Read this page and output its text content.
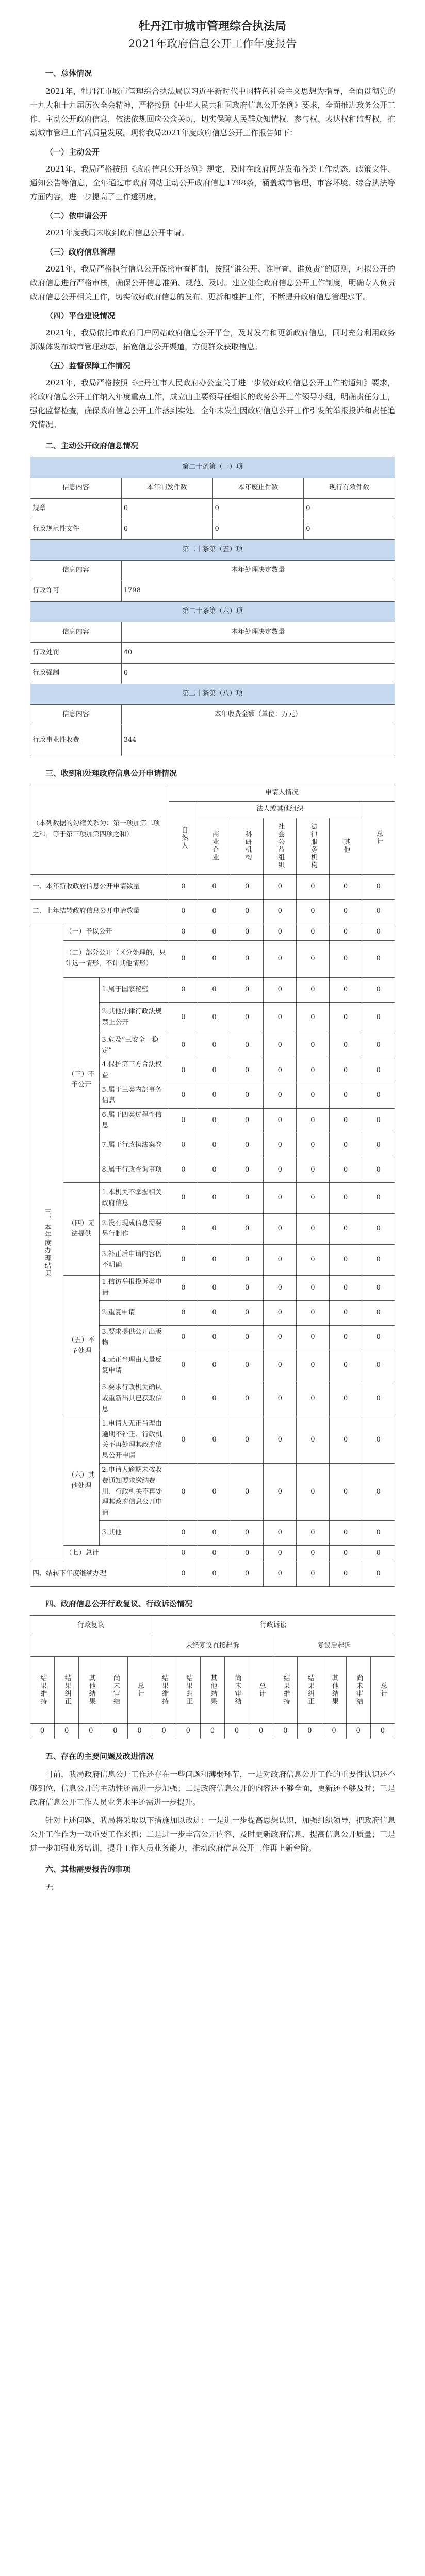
牡丹江市城市管理综合执法局
2021年政府信息公开工作年度报告
一、总体情况
2021年，牡丹江市城市管理综合执法局以习近平新时代中国特色社会主义思想为指导，全面贯彻党的十九大和十九届历次全会精神，严格按照《中华人民共和国政府信息公开条例》要求，全面推进政务公开工作，主动公开政府信息，依法依规回应公众关切，切实保障人民群众知情权、参与权、表达权和监督权，推动城市管理工作高质量发展。现将我局2021年度政府信息公开工作报告如下：
（一）主动公开
2021年，我局严格按照《政府信息公开条例》规定，及时在政府网站发布各类工作动态、政策文件、通知公告等信息，全年通过市政府网站主动公开政府信息1798条，涵盖城市管理、市容环境、综合执法等方面内容，进一步提高了工作透明度。
（二）依申请公开
2021年度我局未收到政府信息公开申请。
（三）政府信息管理
2021年，我局严格执行信息公开保密审查机制，按照“谁公开、谁审查、谁负责”的原则，对拟公开的政府信息进行严格审核，确保公开信息准确、规范、及时。建立健全政府信息公开工作制度，明确专人负责政府信息公开相关工作，切实做好政府信息的发布、更新和维护工作，不断提升政府信息管理水平。
（四）平台建设情况
2021年，我局依托市政府门户网站政府信息公开平台，及时发布和更新政府信息，同时充分利用政务新媒体发布城市管理动态，拓宽信息公开渠道，方便群众获取信息。
（五）监督保障工作情况
2021年，我局严格按照《牡丹江市人民政府办公室关于进一步做好政府信息公开工作的通知》要求，将政府信息公开工作纳入年度重点工作，成立由主要领导任组长的政务公开工作领导小组，明确责任分工，强化监督检查，确保政府信息公开工作落到实处。全年未发生因政府信息公开工作引发的举报投诉和责任追究情况。
二、主动公开政府信息情况
第二十条第（一）项			
信息内容	本年制发件数	本年废止件数	现行有效件数
规章	0	0	0
行政规范性文件	0	0	0
第二十条第（五）项			
信息内容	本年处理决定数量		
行政许可	1798		
第二十条第（六）项			
信息内容	本年处理决定数量		
行政处罚	40		
行政强制	0		
第二十条第（八）项			
信息内容	本年收费金额（单位：万元）		
行政事业性收费	344		
三、收到和处理政府信息公开申请情况
（本列数据的勾稽关系为：第一项加第二项之和，等于第三项加第四项之和）			申请人情况						
			自然人	法人或其他组织					总计
				商业企业	科研机构	社会公益组织	法律服务机构	其他	
一、本年新收政府信息公开申请数量			0	0	0	0	0	0	0
二、上年结转政府信息公开申请数量			0	0	0	0	0	0	0
三、本年度办理结果	（一）予以公开		0	0	0	0	0	0	0
	（二）部分公开（区分处理的，只计这一情形，不计其他情形）		0	0	0	0	0	0	0
	（三）不予公开	1.属于国家秘密	0	0	0	0	0	0	0
		2.其他法律行政法规禁止公开	0	0	0	0	0	0	0
		3.危及“三安全一稳定”	0	0	0	0	0	0	0
		4.保护第三方合法权益	0	0	0	0	0	0	0
		5.属于三类内部事务信息	0	0	0	0	0	0	0
		6.属于四类过程性信息	0	0	0	0	0	0	0
		7.属于行政执法案卷	0	0	0	0	0	0	0
		8.属于行政查询事项	0	0	0	0	0	0	0
	（四）无法提供	1.本机关不掌握相关政府信息	0	0	0	0	0	0	0
		2.没有现成信息需要另行制作	0	0	0	0	0	0	0
		3.补正后申请内容仍不明确	0	0	0	0	0	0	0
	（五）不予处理	1.信访举报投诉类申请	0	0	0	0	0	0	0
		2.重复申请	0	0	0	0	0	0	0
		3.要求提供公开出版物	0	0	0	0	0	0	0
		4.无正当理由大量反复申请	0	0	0	0	0	0	0
		5.要求行政机关确认或重新出具已获取信息	0	0	0	0	0	0	0
	（六）其他处理	1.申请人无正当理由逾期不补正、行政机关不再处理其政府信息公开申请	0	0	0	0	0	0	0
		2.申请人逾期未按收费通知要求缴纳费用、行政机关不再处理其政府信息公开申请	0	0	0	0	0	0	0
		3.其他	0	0	0	0	0	0	0
	（七）总计		0	0	0	0	0	0	0
四、结转下年度继续办理			0	0	0	0	0	0	0
四、政府信息公开行政复议、行政诉讼情况
行政复议					行政诉讼									
					未经复议直接起诉					复议后起诉				
结果维持	结果纠正	其他结果	尚未审结	总计	结果维持	结果纠正	其他结果	尚未审结	总计	结果维持	结果纠正	其他结果	尚未审结	总计
0	0	0	0	0	0	0	0	0	0	0	0	0	0	0
五、存在的主要问题及改进情况
目前，我局政府信息公开工作还存在一些问题和薄弱环节，一是对政府信息公开工作的重要性认识还不够到位，信息公开的主动性还需进一步加强；二是政府信息公开的内容还不够全面，更新还不够及时；三是政府信息公开工作人员业务水平还需进一步提升。
针对上述问题，我局将采取以下措施加以改进：一是进一步提高思想认识，加强组织领导，把政府信息公开工作作为一项重要工作来抓；二是进一步丰富公开内容，及时更新政府信息，提高信息公开质量；三是进一步加强业务培训，提升工作人员业务能力，推动政府信息公开工作再上新台阶。
六、其他需要报告的事项
无
